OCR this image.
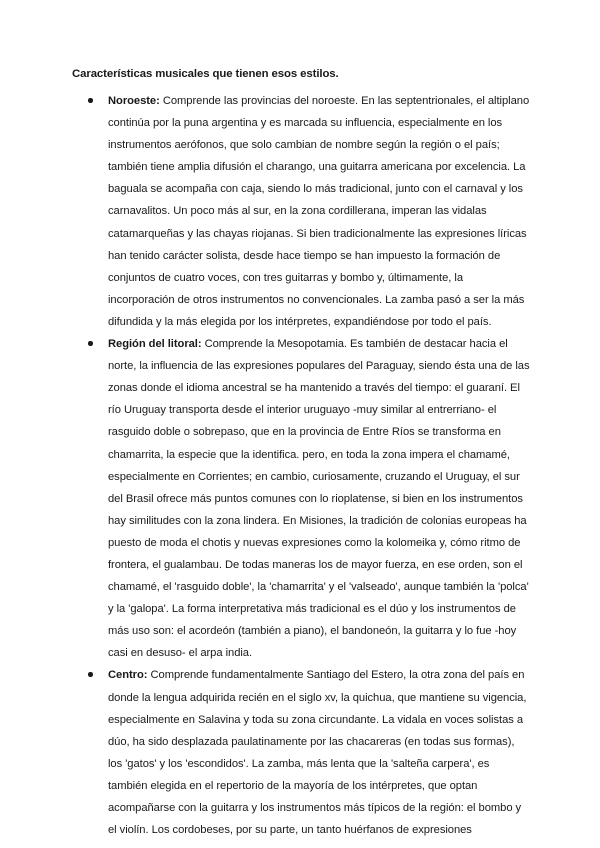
Características musicales que tienen esos estilos.

Noroeste: Comprende las provincias del noroeste. En las septentrionales, el altiplano continúa por la puna argentina y es marcada su influencia, especialmente en los instrumentos aerófonos, que solo cambian de nombre según la región o el país; también tiene amplia difusión el charango, una guitarra americana por excelencia. La baguala se acompaña con caja, siendo lo más tradicional, junto con el carnaval y los carnavalitos. Un poco más al sur, en la zona cordillerana, imperan las vidalas catamarqueñas y las chayas riojanas. Si bien tradicionalmente las expresiones líricas han tenido carácter solista, desde hace tiempo se han impuesto la formación de conjuntos de cuatro voces, con tres guitarras y bombo y, últimamente, la incorporación de otros instrumentos no convencionales. La zamba pasó a ser la más difundida y la más elegida por los intérpretes, expandiéndose por todo el país.
Región del litoral: Comprende la Mesopotamia. Es también de destacar hacia el norte, la influencia de las expresiones populares del Paraguay, siendo ésta una de las zonas donde el idioma ancestral se ha mantenido a través del tiempo: el guaraní. El río Uruguay transporta desde el interior uruguayo -muy similar al entrerriano- el rasguido doble o sobrepaso, que en la provincia de Entre Ríos se transforma en chamarrita, la especie que la identifica. pero, en toda la zona impera el chamamé, especialmente en Corrientes; en cambio, curiosamente, cruzando el Uruguay, el sur del Brasil ofrece más puntos comunes con lo rioplatense, si bien en los instrumentos hay similitudes con la zona lindera. En Misiones, la tradición de colonias europeas ha puesto de moda el chotis y nuevas expresiones como la kolomeika y, cómo ritmo de frontera, el gualambau. De todas maneras los de mayor fuerza, en ese orden, son el chamamé, el 'rasguido doble', la 'chamarrita' y el 'valseado', aunque también la 'polca' y la 'galopa'. La forma interpretativa más tradicional es el dúo y los instrumentos de más uso son: el acordeón (también a piano), el bandoneón, la guitarra y lo fue -hoy casi en desuso- el arpa india.
Centro: Comprende fundamentalmente Santiago del Estero, la otra zona del país en donde la lengua adquirida recién en el siglo xv, la quichua, que mantiene su vigencia, especialmente en Salavina y toda su zona circundante. La vidala en voces solistas a dúo, ha sido desplazada paulatinamente por las chacareras (en todas sus formas), los 'gatos' y los 'escondidos'. La zamba, más lenta que la 'salteña carpera', es también elegida en el repertorio de la mayoría de los intérpretes, que optan acompañarse con la guitarra y los instrumentos más típicos de la región: el bombo y el violín. Los cordobeses, por su parte, un tanto huérfanos de expresiones
